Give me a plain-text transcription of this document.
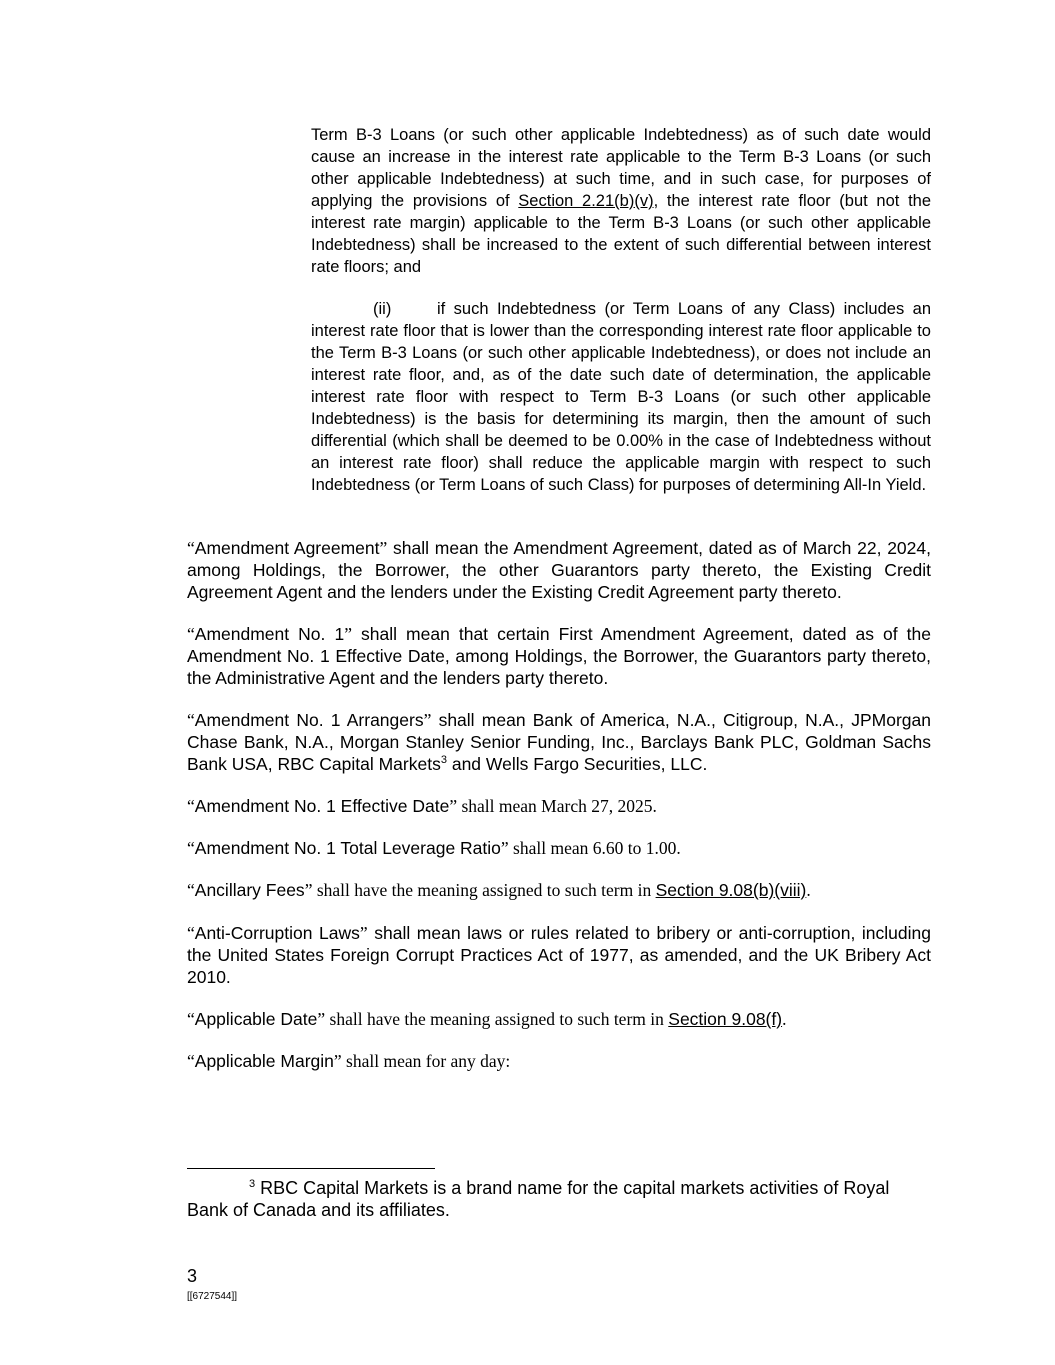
Term B-3 Loans (or such other applicable Indebtedness) as of such date would cause an increase in the interest rate applicable to the Term B-3 Loans (or such other applicable Indebtedness) at such time, and in such case, for purposes of applying the provisions of Section 2.21(b)(v), the interest rate floor (but not the interest rate margin) applicable to the Term B-3 Loans (or such other applicable Indebtedness) shall be increased to the extent of such differential between interest rate floors; and
(ii)	if such Indebtedness (or Term Loans of any Class) includes an interest rate floor that is lower than the corresponding interest rate floor applicable to the Term B-3 Loans (or such other applicable Indebtedness), or does not include an interest rate floor, and, as of the date such date of determination, the applicable interest rate floor with respect to Term B-3 Loans (or such other applicable Indebtedness) is the basis for determining its margin, then the amount of such differential (which shall be deemed to be 0.00% in the case of Indebtedness without an interest rate floor) shall reduce the applicable margin with respect to such Indebtedness (or Term Loans of such Class) for purposes of determining All-In Yield.
“Amendment Agreement” shall mean the Amendment Agreement, dated as of March 22, 2024, among Holdings, the Borrower, the other Guarantors party thereto, the Existing Credit Agreement Agent and the lenders under the Existing Credit Agreement party thereto.
“Amendment No. 1” shall mean that certain First Amendment Agreement, dated as of the Amendment No. 1 Effective Date, among Holdings, the Borrower, the Guarantors party thereto, the Administrative Agent and the lenders party thereto.
“Amendment No. 1 Arrangers” shall mean Bank of America, N.A., Citigroup, N.A., JPMorgan Chase Bank, N.A., Morgan Stanley Senior Funding, Inc., Barclays Bank PLC, Goldman Sachs Bank USA, RBC Capital Markets$^3$ and Wells Fargo Securities, LLC.
“Amendment No. 1 Effective Date” shall mean March 27, 2025.
“Amendment No. 1 Total Leverage Ratio” shall mean 6.60 to 1.00.
“Ancillary Fees” shall have the meaning assigned to such term in Section 9.08(b)(viii).
“Anti-Corruption Laws” shall mean laws or rules related to bribery or anti-corruption, including the United States Foreign Corrupt Practices Act of 1977, as amended, and the UK Bribery Act 2010.
“Applicable Date” shall have the meaning assigned to such term in Section 9.08(f).
“Applicable Margin” shall mean for any day:
$^3$ RBC Capital Markets is a brand name for the capital markets activities of Royal Bank of Canada and its affiliates.
3
[[6727544]]
